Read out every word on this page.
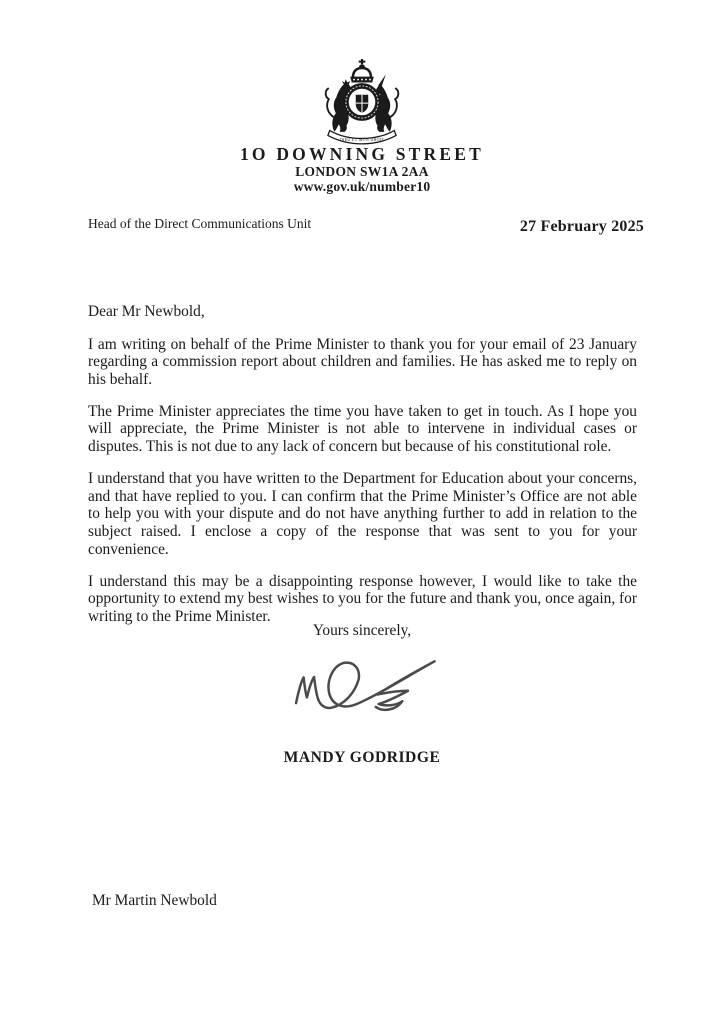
DIEU ET MON DROIT
1O DOWNING STREET
LONDON SW1A 2AA
www.gov.uk/number10
Head of the Direct Communications Unit	27 February 2025

Dear Mr Newbold,

I am writing on behalf of the Prime Minister to thank you for your email of 23 January regarding a commission report about children and families. He has asked me to reply on his behalf.

The Prime Minister appreciates the time you have taken to get in touch. As I hope you will appreciate, the Prime Minister is not able to intervene in individual cases or disputes. This is not due to any lack of concern but because of his constitutional role.

I understand that you have written to the Department for Education about your concerns, and that have replied to you. I can confirm that the Prime Minister’s Office are not able to help you with your dispute and do not have anything further to add in relation to the subject raised. I enclose a copy of the response that was sent to you for your convenience.

I understand this may be a disappointing response however, I would like to take the opportunity to extend my best wishes to you for the future and thank you, once again, for writing to the Prime Minister.

Yours sincerely,
MANDY GODRIDGE
Mr Martin Newbold
